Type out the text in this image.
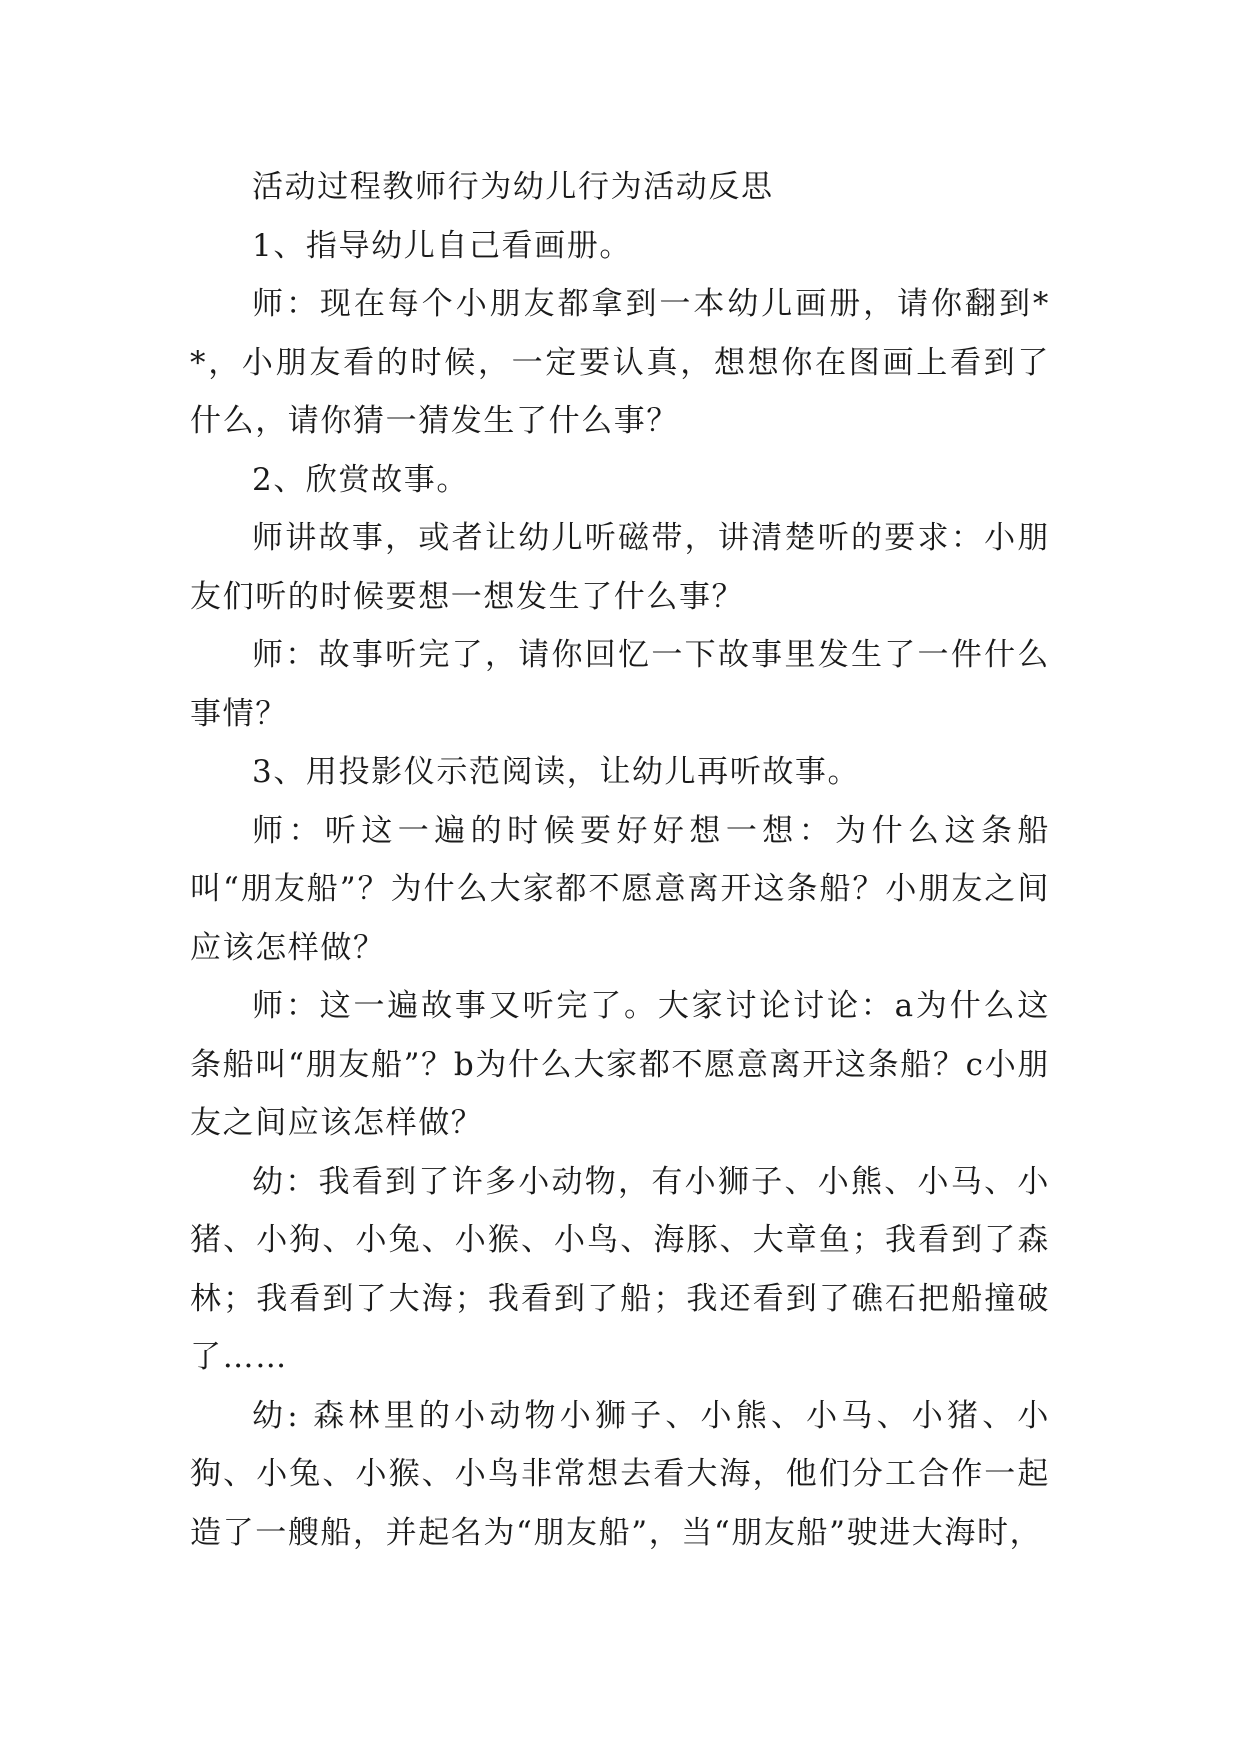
活动过程教师行为幼儿行为活动反思

1、指导幼儿自己看画册。

师：现在每个小朋友都拿到一本幼儿画册，请你翻到**，小朋友看的时候，一定要认真，想想你在图画上看到了什么，请你猜一猜发生了什么事？

2、欣赏故事。

师讲故事，或者让幼儿听磁带，讲清楚听的要求：小朋友们听的时候要想一想发生了什么事？

师：故事听完了，请你回忆一下故事里发生了一件什么事情？

3、用投影仪示范阅读，让幼儿再听故事。

师：听这一遍的时候要好好想一想：为什么这条船叫“朋友船”？为什么大家都不愿意离开这条船？小朋友之间应该怎样做？

师：这一遍故事又听完了。大家讨论讨论：a为什么这条船叫“朋友船”？b为什么大家都不愿意离开这条船？c小朋友之间应该怎样做？

幼：我看到了许多小动物，有小狮子、小熊、小马、小猪、小狗、小兔、小猴、小鸟、海豚、大章鱼；我看到了森林；我看到了大海；我看到了船；我还看到了礁石把船撞破了……

幼: 森林里的小动物小狮子、小熊、小马、小猪、小狗、小兔、小猴、小鸟非常想去看大海，他们分工合作一起造了一艘船，并起名为“朋友船”，当“朋友船”驶进大海时，
